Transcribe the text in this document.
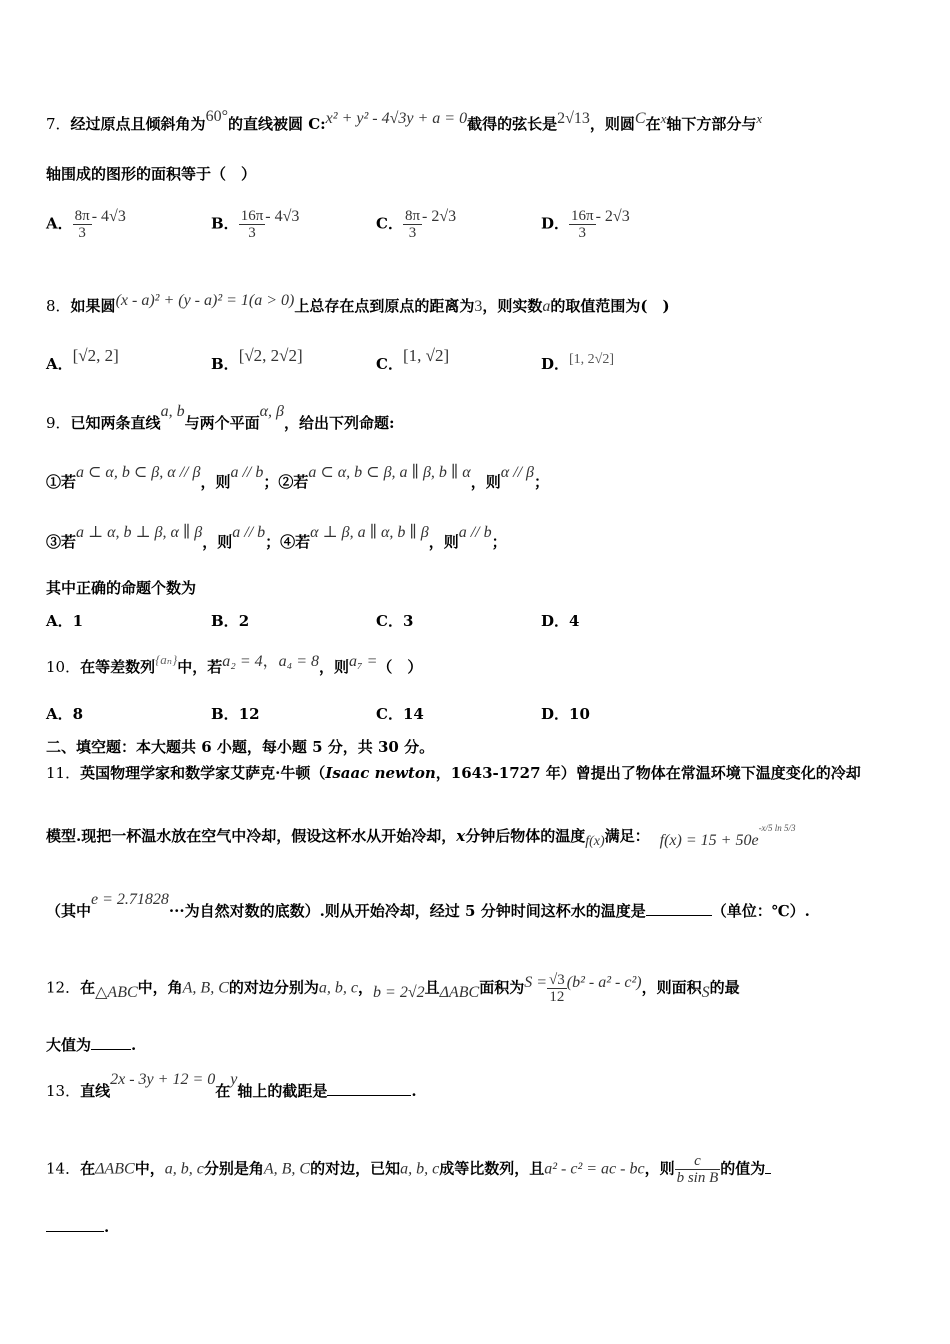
7．经过原点且倾斜角为60°的直线被圆 C:x² + y² - 4√3y + a = 0截得的弦长是2√13，则圆C在x轴下方部分与x
轴围成的图形的面积等于（　）
A． $\frac{8\pi}{3} - 4√3$	B． $\frac{16\pi}{3} - 4√3$	C． $\frac{8\pi}{3} - 2√3$	D． $\frac{16\pi}{3} - 2√3$
8．如果圆(x - a)² + (y - a)² = 1(a > 0)上总存在点到原点的距离为3，则实数a的取值范围为(　)
A．[√2, 2]	B．[√2, 2√2]	C．[1, √2]	D．[1, 2√2]
9．已知两条直线a, b与两个平面α, β，给出下列命题:
①若a ⊂ α, b ⊂ β, α // β，则a // b；②若a ⊂ α, b ⊂ β, a ∥ β, b ∥ α，则α // β；
③若a ⊥ α, b ⊥ β, α ∥ β，则a // b；④若α ⊥ β, a ∥ α, b ∥ β，则a // b；
其中正确的命题个数为
A．1	B．2	C．3	D．4
10．在等差数列{aₙ}中，若a₂ = 4，a₄ = 8，则a₇ =（　）
A．8	B．12	C．14	D．10
二、填空题：本大题共 6 小题，每小题 5 分，共 30 分。
11．英国物理学家和数学家艾萨克·牛顿（Isaac newton，1643-1727 年）曾提出了物体在常温环境下温度变化的冷却
模型.现把一杯温水放在空气中冷却，假设这杯水从开始冷却，x分钟后物体的温度f(x)满足： $f(x) = 15 + 50e^{-x/5 ln 5/3}$
（其中e = 2.71828···为自然对数的底数）.则从开始冷却，经过 5 分钟时间这杯水的温度是	（单位：℃）.
12．在△ABC中，角A, B, C的对边分别为a, b, c，b = 2√2且ΔABC面积为$S = \frac{√3}{12} (b^2 - a^2 - c^2)$，则面积S的最
大值为	.
13．直线2x - 3y + 12 = 0在y轴上的截距是	.
14．在ΔABC中，a, b, c分别是角A, B, C的对边，已知a, b, c成等比数列，且a² - c² = ac - bc，则 $\frac{c}{\text{b sin B}}$ 的值为
.
